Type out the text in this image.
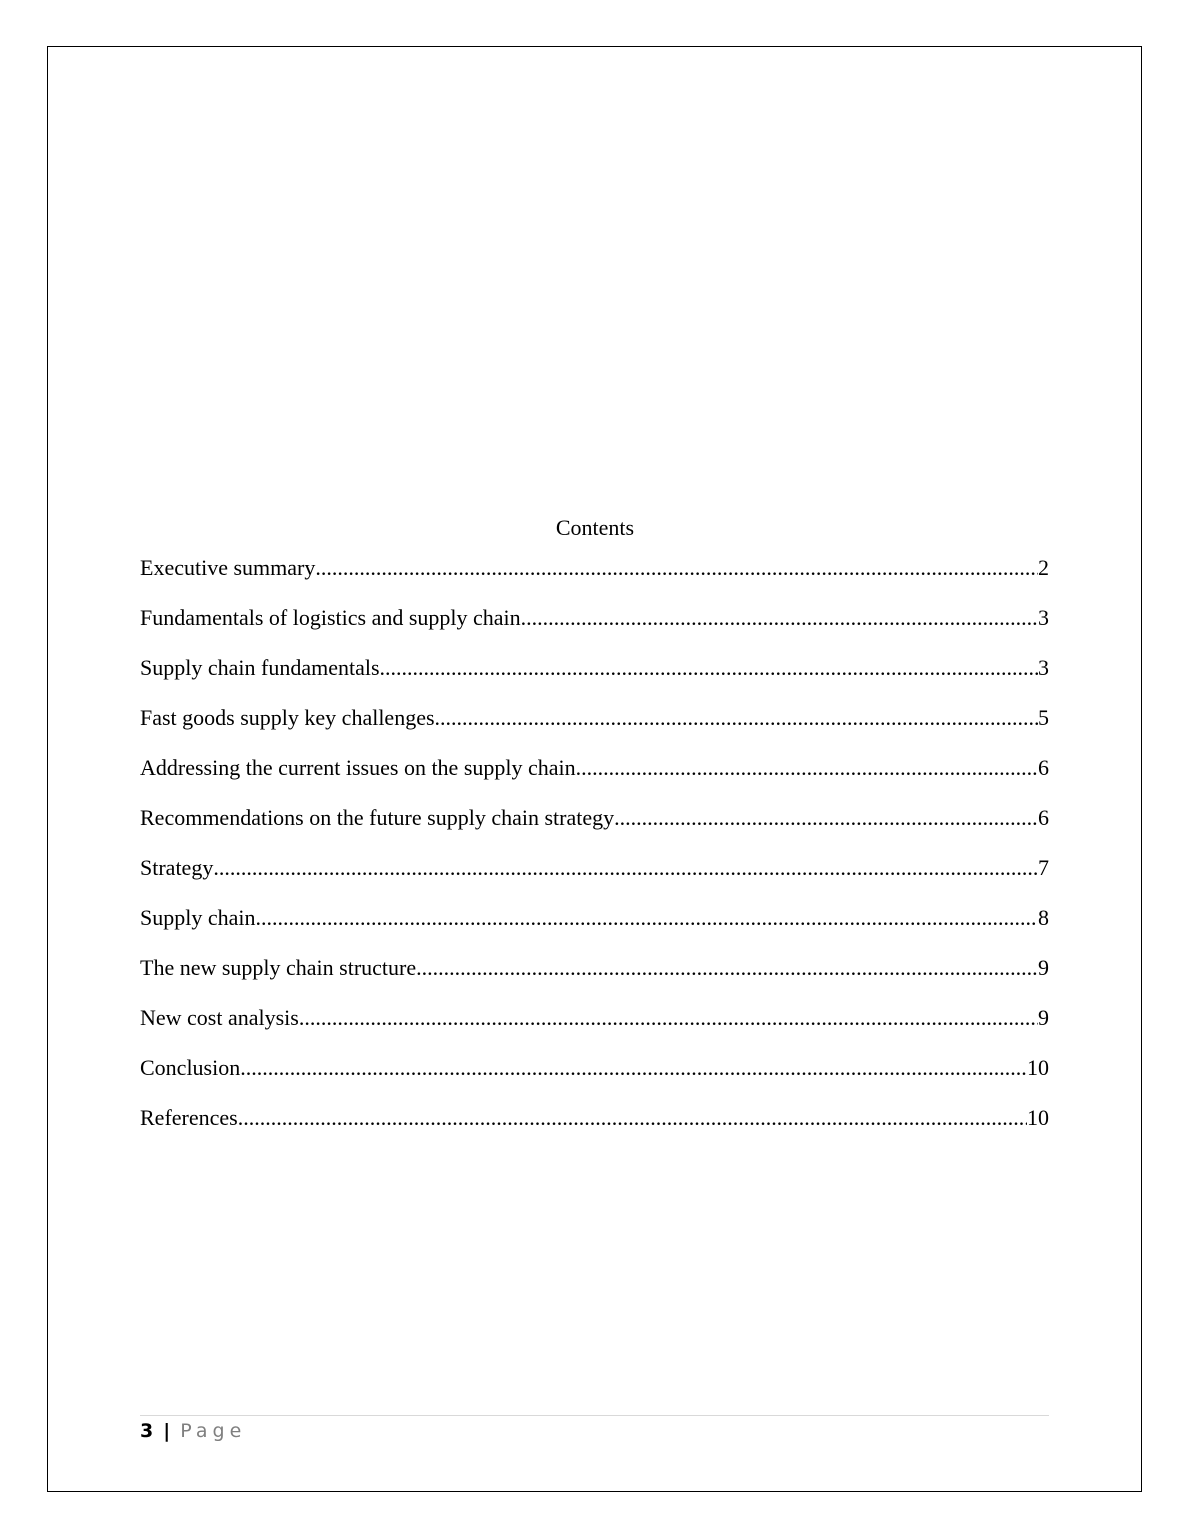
Contents
Executive summary .....	2
Fundamentals of logistics and supply chain .....	3
Supply chain fundamentals .....	3
Fast goods supply key challenges .....	5
Addressing the current issues on the supply chain .....	6
Recommendations on the future supply chain strategy .....	6
Strategy .....	7
Supply chain .....	8
The new supply chain structure .....	9
New cost analysis .....	9
Conclusion .....	10
References .....	10
3 | Page
